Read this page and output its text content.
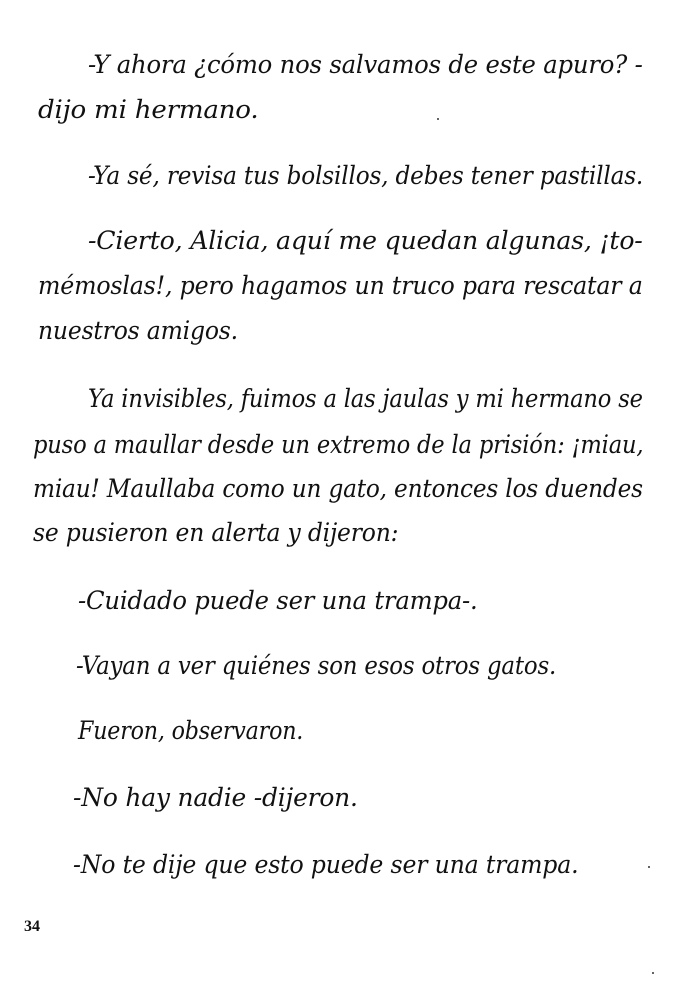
-Y ahora ¿cómo nos salvamos de este apuro? -
dijo mi hermano.
-Ya sé, revisa tus bolsillos, debes tener pastillas.
-Cierto, Alicia, aquí me quedan algunas, ¡to-
mémoslas!, pero hagamos un truco para rescatar a
nuestros amigos.
Ya invisibles, fuimos a las jaulas y mi hermano se
puso a maullar desde un extremo de la prisión: ¡miau,
miau! Maullaba como un gato, entonces los duendes
se pusieron en alerta y dijeron:
-Cuidado puede ser una trampa-.
-Vayan a ver quiénes son esos otros gatos.
Fueron, observaron.
-No hay nadie -dijeron.
-No te dije que esto puede ser una trampa.
34
